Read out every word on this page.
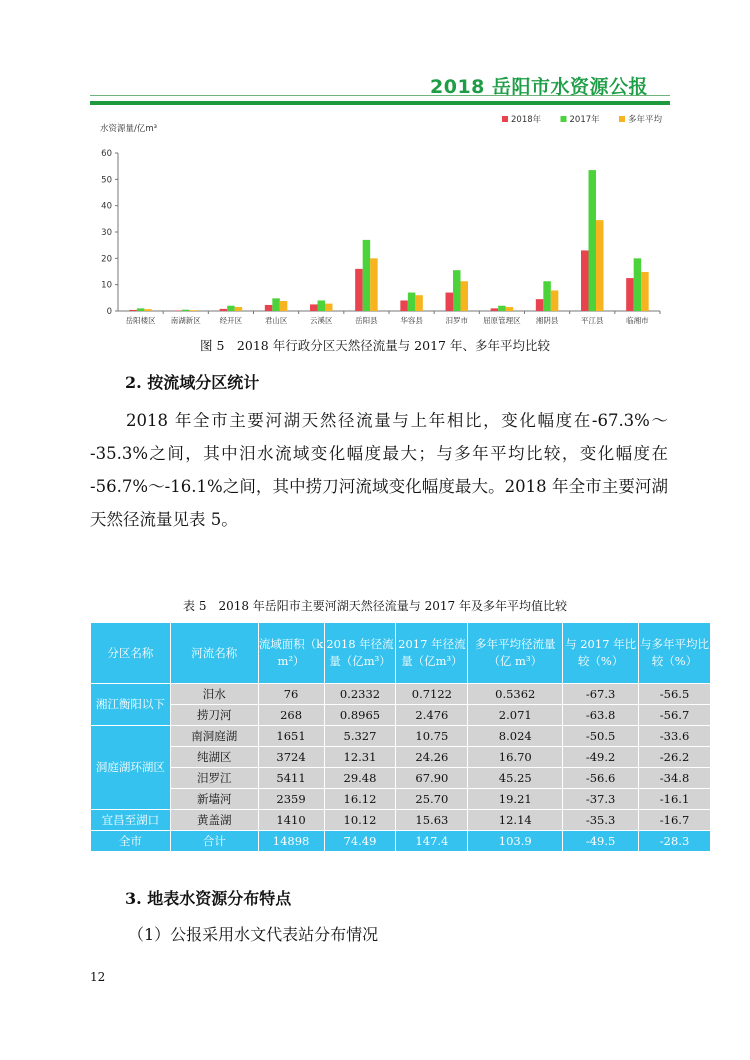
2018 岳阳市水资源公报
水资源量/亿m³
2018年	2017年	多年平均
0
10
20
30
40
50
60
岳阳楼区 南湖新区	经开区	君山区	云溪区	岳阳县	华容县	汨罗市 屈原管理区 湘阴县	平江县	临湘市
图 5　2018 年行政分区天然径流量与 2017 年、多年平均比较
2. 按流域分区统计
2018 年全市主要河湖天然径流量与上年相比，变化幅度在-67.3%～
-35.3%之间，其中汨水流域变化幅度最大；与多年平均比较，变化幅度在
-56.7%～-16.1%之间，其中捞刀河流域变化幅度最大。2018 年全市主要河湖
天然径流量见表 5。
表 5　2018 年岳阳市主要河湖天然径流量与 2017 年及多年平均值比较
分区名称	河流名称	流域面积（k m²）	2018 年径流量（亿m³）	2017 年径流量（亿m³）	多年平均径流量（亿 m³）	与 2017 年比较（%）	与多年平均比较（%）
湘江衡阳以下	汨水	76	0.2332	0.7122	0.5362	-67.3	-56.5
	捞刀河	268	0.8965	2.476	2.071	-63.8	-56.7
洞庭湖环湖区	南洞庭湖	1651	5.327	10.75	8.024	-50.5	-33.6
	纯湖区	3724	12.31	24.26	16.70	-49.2	-26.2
	汨罗江	5411	29.48	67.90	45.25	-56.6	-34.8
	新墙河	2359	16.12	25.70	19.21	-37.3	-16.1
宜昌至湖口	黄盖湖	1410	10.12	15.63	12.14	-35.3	-16.7
全市	合计	14898	74.49	147.4	103.9	-49.5	-28.3
3. 地表水资源分布特点
（1）公报采用水文代表站分布情况
12
